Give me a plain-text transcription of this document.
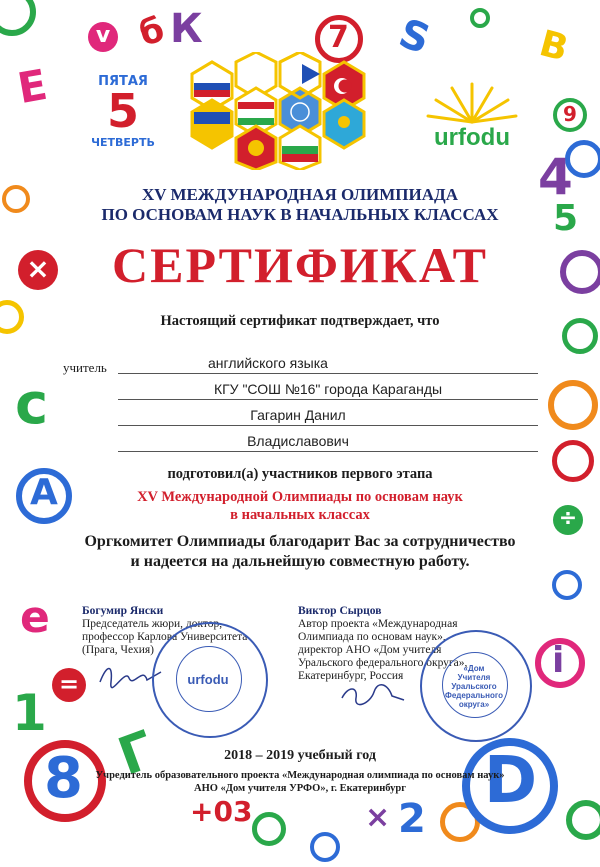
v б К	7 S	B
E
9
4
5
×
с
А
÷
е
i
1 =
8 Г
+03	× 2
D
ПЯТАЯ
5
ЧЕТВЕРТЬ	urfodu
XV МЕЖДУНАРОДНАЯ ОЛИМПИАДА
ПО ОСНОВАМ НАУК В НАЧАЛЬНЫХ КЛАССАХ
СЕРТИФИКАТ
Настоящий сертификат подтверждает, что
учитель	английского языка
КГУ "СОШ №16" города Караганды
Гагарин Данил
Владиславович
подготовил(а) участников первого этапа
XV Международной Олимпиады по основам наук
в начальных классах
Оргкомитет Олимпиады благодарит Вас за сотрудничество
и надеется на дальнейшую совместную работу.
Богумир Янски
Председатель жюри, доктор,
профессор Карлова Университета
(Прага, Чехия)
urfodu
Виктор Сырцов
Автор проекта «Международная
Олимпиада по основам наук»,
директор АНО «Дом учителя
Уральского федерального округа»,
Екатеринбург, Россия
«Дом
Учителя
Уральского
Федерального
округа»
2018 – 2019 учебный год
Учредитель образовательного проекта «Международная олимпиада по основам наук»
АНО «Дом учителя УРФО», г. Екатеринбург
